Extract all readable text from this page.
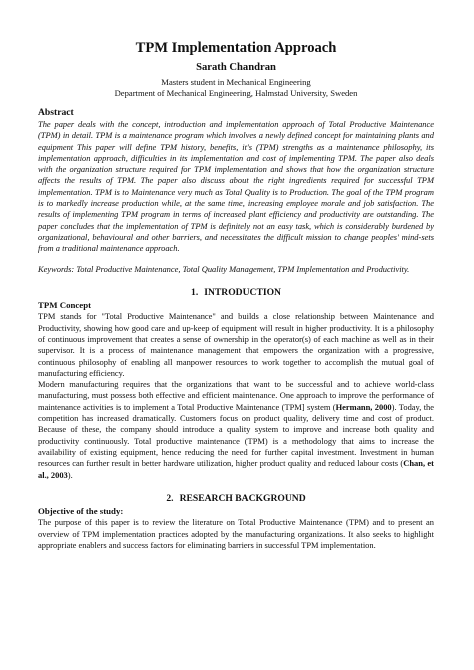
TPM Implementation Approach
Sarath Chandran

Masters student in Mechanical Engineering

Department of Mechanical Engineering, Halmstad University, Sweden

Abstract

The paper deals with the concept, introduction and implementation approach of Total Productive Maintenance (TPM) in detail. TPM is a maintenance program which involves a newly defined concept for maintaining plants and equipment This paper will define TPM history, benefits, it's (TPM) strengths as a maintenance philosophy, its implementation approach, difficulties in its implementation and cost of implementing TPM. The paper also deals with the organization structure required for TPM implementation and shows that how the organization structure affects the results of TPM. The paper also discuss about the right ingredients required for successful TPM implementation. TPM is to Maintenance very much as Total Quality is to Production. The goal of the TPM program is to markedly increase production while, at the same time, increasing employee morale and job satisfaction. The results of implementing TPM program in terms of increased plant efficiency and productivity are outstanding. The paper concludes that the implementation of TPM is definitely not an easy task, which is considerably burdened by organizational, behavioural and other barriers, and necessitates the difficult mission to change peoples' mind-sets from a traditional maintenance approach.

Keywords: Total Productive Maintenance, Total Quality Management, TPM Implementation and Productivity.

1. INTRODUCTION
TPM Concept

TPM stands for "Total Productive Maintenance" and builds a close relationship between Maintenance and Productivity, showing how good care and up-keep of equipment will result in higher productivity. It is a philosophy of continuous improvement that creates a sense of ownership in the operator(s) of each machine as well as in their supervisor. It is a process of maintenance management that empowers the organization with a progressive, continuous philosophy of enabling all manpower resources to work together to accomplish the mutual goal of manufacturing efficiency.

Modern manufacturing requires that the organizations that want to be successful and to achieve world-class manufacturing, must possess both effective and efficient maintenance. One approach to improve the performance of maintenance activities is to implement a Total Productive Maintenance (TPM] system (Hermann, 2000). Today, the competition has increased dramatically. Customers focus on product quality, delivery time and cost of product. Because of these, the company should introduce a quality system to improve and increase both quality and productivity continuously. Total productive maintenance (TPM) is a methodology that aims to increase the availability of existing equipment, hence reducing the need for further capital investment. Investment in human resources can further result in better hardware utilization, higher product quality and reduced labour costs (Chan, et al., 2003).

2. RESEARCH BACKGROUND
Objective of the study:

The purpose of this paper is to review the literature on Total Productive Maintenance (TPM) and to present an overview of TPM implementation practices adopted by the manufacturing organizations. It also seeks to highlight appropriate enablers and success factors for eliminating barriers in successful TPM implementation.
